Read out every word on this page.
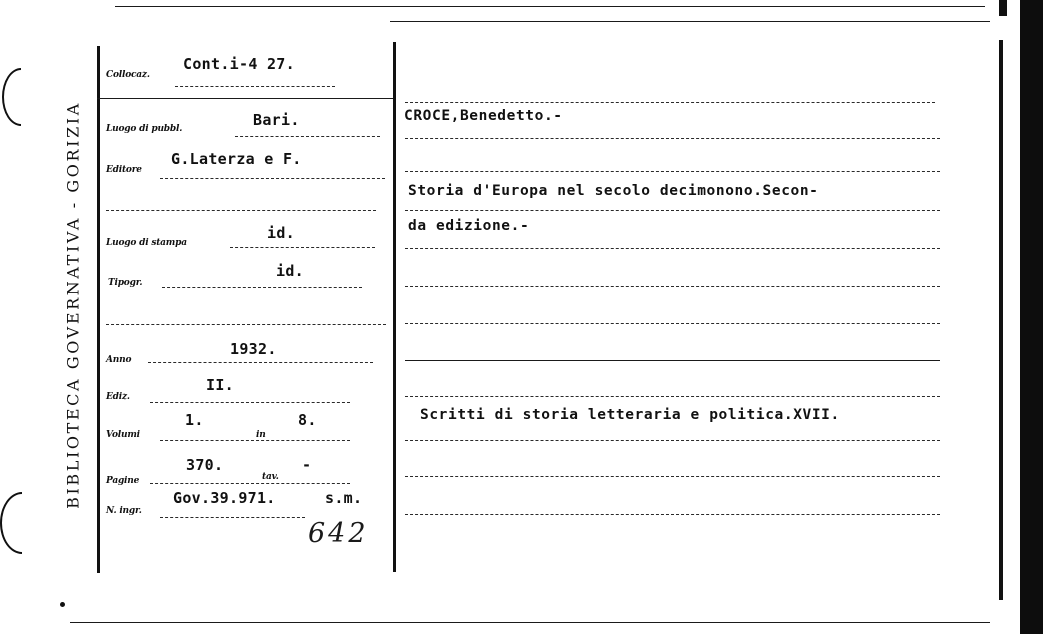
BIBLIOTECA GOVERNATIVA - GORIZIA
Collocaz.
Cont.i-4 27.
Luogo di pubbl.	Bari.
Editore
G.Laterza e F.
Luogo di stampa
id.
Tipogr.
id.
Anno
1932.
Ediz.
II.
Volumi
1.
in
8.
Pagine
370.
tav.
-
N. ingr.
Gov.39.971.	s.m.
642
CROCE,Benedetto.-
Storia d'Europa nel secolo decimonono.Secon-
da edizione.-
Scritti di storia letteraria e politica.XVII.
